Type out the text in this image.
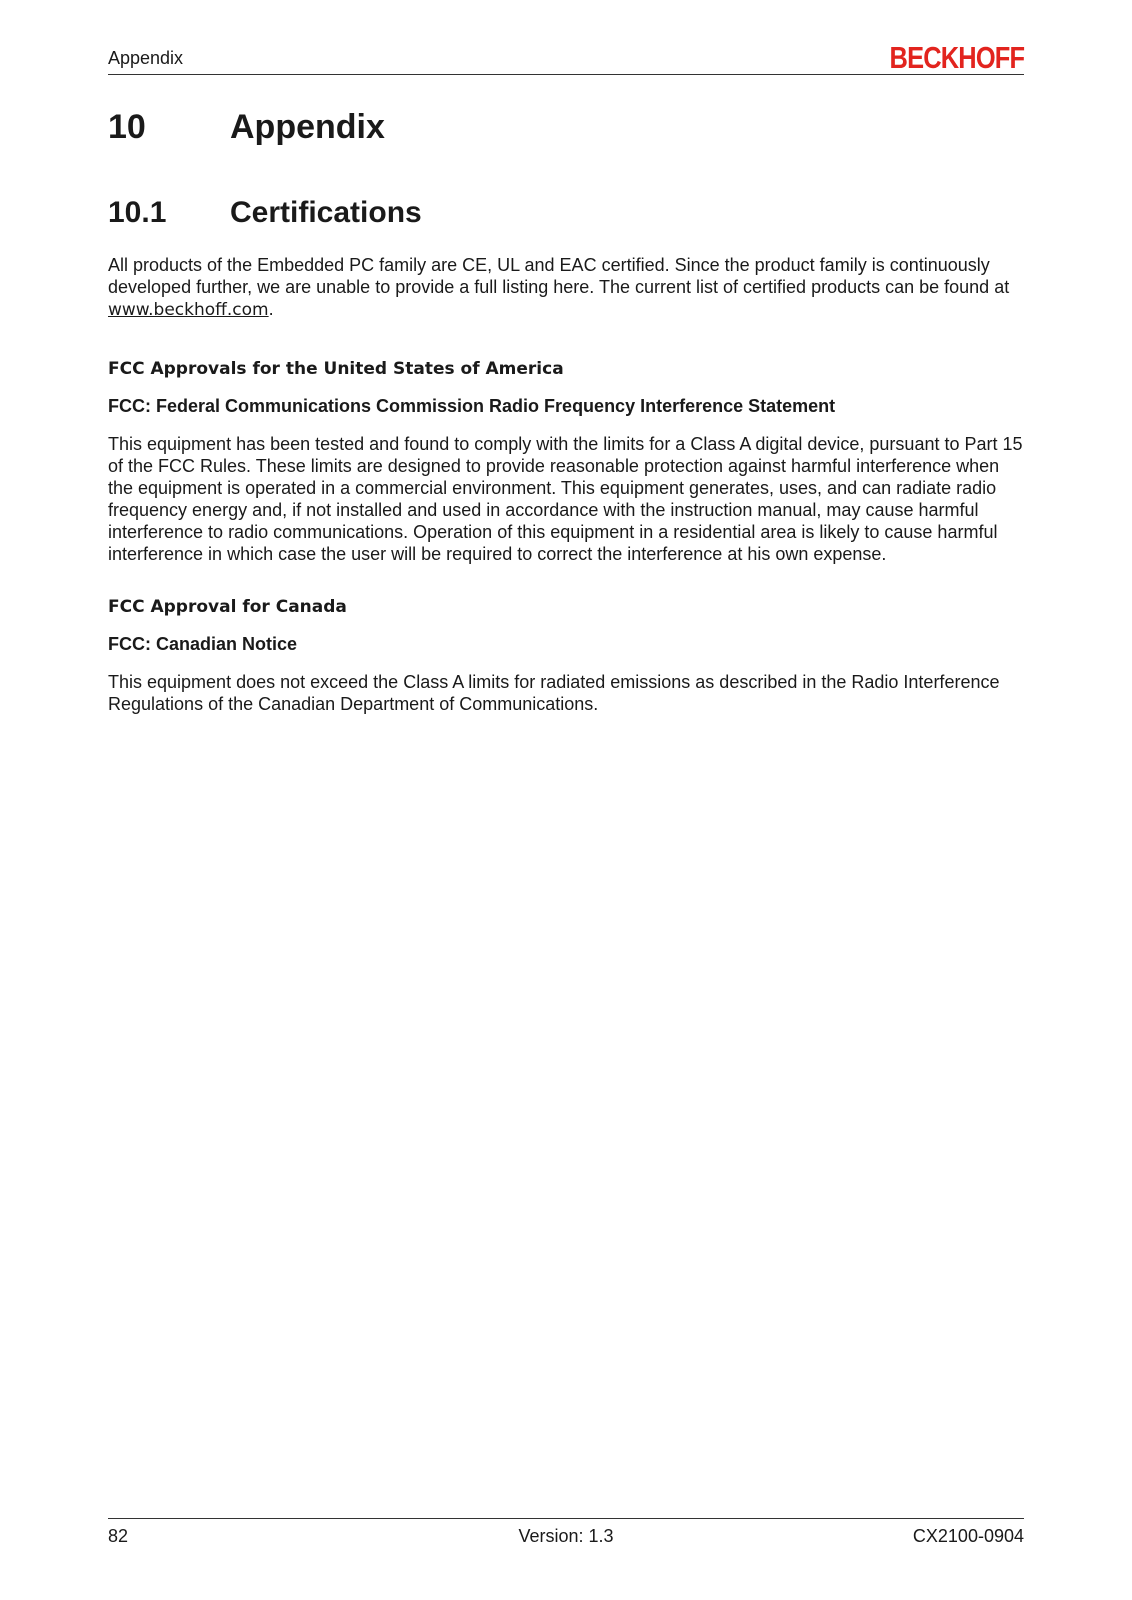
Appendix	BECKHOFF
10 Appendix
10.1 Certifications

All products of the Embedded PC family are CE, UL and EAC certified. Since the product family is continuously developed further, we are unable to provide a full listing here. The current list of certified products can be found at www.beckhoff.com.

FCC Approvals for the United States of America

FCC: Federal Communications Commission Radio Frequency Interference Statement

This equipment has been tested and found to comply with the limits for a Class A digital device, pursuant to Part 15 of the FCC Rules. These limits are designed to provide reasonable protection against harmful interference when the equipment is operated in a commercial environment. This equipment generates, uses, and can radiate radio frequency energy and, if not installed and used in accordance with the instruction manual, may cause harmful interference to radio communications. Operation of this equipment in a residential area is likely to cause harmful interference in which case the user will be required to correct the interference at his own expense.

FCC Approval for Canada

FCC: Canadian Notice

This equipment does not exceed the Class A limits for radiated emissions as described in the Radio Interference Regulations of the Canadian Department of Communications.

82	Version: 1.3	CX2100-0904
